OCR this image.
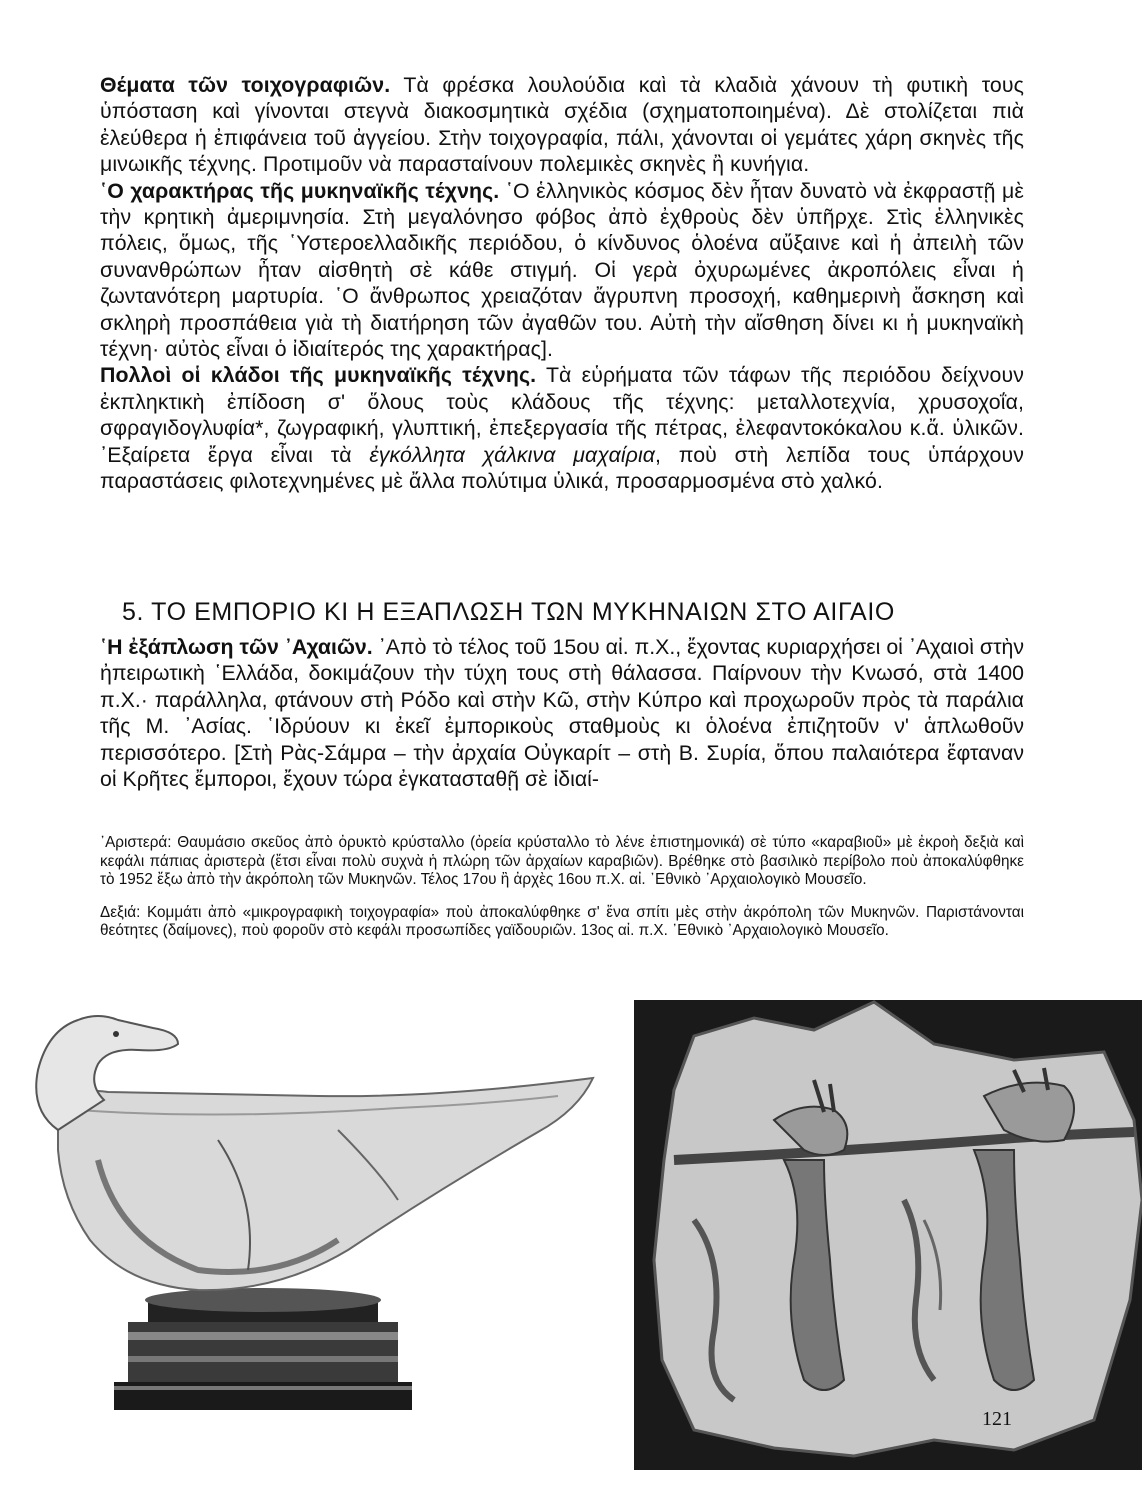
Θέματα τῶν τοιχογραφιῶν. Τὰ φρέσκα λουλούδια καὶ τὰ κλαδιὰ χάνουν τὴ φυτικὴ τους ὑπόσταση καὶ γίνονται στεγνὰ διακοσμητικὰ σχέδια (σχηματοποιημένα). Δὲ στολίζεται πιὰ ἐλεύθερα ἡ ἐπιφάνεια τοῦ ἀγγείου. Στὴν τοιχογραφία, πάλι, χάνονται οἱ γεμάτες χάρη σκηνὲς τῆς μινωικῆς τέχνης. Προτιμοῦν νὰ παρασταίνουν πολεμικὲς σκηνὲς ἢ κυνήγια.

῾Ο χαρακτήρας τῆς μυκηναϊκῆς τέχνης. ῾Ο ἑλληνικὸς κόσμος δὲν ἦταν δυνατὸ νὰ ἐκφραστῇ μὲ τὴν κρητικὴ ἀμεριμνησία. Στὴ μεγαλόνησο φόβος ἀπὸ ἐχθροὺς δὲν ὑπῆρχε. Στὶς ἑλληνικὲς πόλεις, ὅμως, τῆς ῾Υστεροελλαδικῆς περιόδου, ὁ κίνδυνος ὁλοένα αὔξαινε καὶ ἡ ἀπειλὴ τῶν συνανθρώπων ἦταν αἰσθητὴ σὲ κάθε στιγμή. Οἱ γερὰ ὀχυρωμένες ἀκροπόλεις εἶναι ἡ ζωντανότερη μαρτυρία. ῾Ο ἄνθρωπος χρειαζόταν ἄγρυπνη προσοχή, καθημερινὴ ἄσκηση καὶ σκληρὴ προσπάθεια γιὰ τὴ διατήρηση τῶν ἀγαθῶν του. Αὐτὴ τὴν αἴσθηση δίνει κι ἡ μυκηναϊκὴ τέχνη· αὐτὸς εἶναι ὁ ἰδιαίτερός της χαρακτήρας].

Πολλοὶ οἱ κλάδοι τῆς μυκηναϊκῆς τέχνης. Τὰ εὑρήματα τῶν τάφων τῆς περιόδου δείχνουν ἐκπληκτικὴ ἐπίδοση σ' ὅλους τοὺς κλάδους τῆς τέχνης: μεταλλοτεχνία, χρυσοχοΐα, σφραγιδογλυφία*, ζωγραφική, γλυπτική, ἐπεξεργασία τῆς πέτρας, ἐλεφαντοκόκαλου κ.ἄ. ὑλικῶν. ᾿Εξαίρετα ἔργα εἶναι τὰ ἐγκόλλητα χάλκινα μαχαίρια, ποὺ στὴ λεπίδα τους ὑπάρχουν παραστάσεις φιλοτεχνημένες μὲ ἄλλα πολύτιμα ὑλικά, προσαρμοσμένα στὸ χαλκό.

5. ΤΟ ΕΜΠΟΡΙΟ ΚΙ Η ΕΞΑΠΛΩΣΗ ΤΩΝ ΜΥΚΗΝΑΙΩΝ ΣΤΟ ΑΙΓΑΙΟ

῾Η ἐξάπλωση τῶν ᾿Αχαιῶν. ᾿Απὸ τὸ τέλος τοῦ 15ου αἰ. π.Χ., ἔχοντας κυριαρχήσει οἱ ᾿Αχαιοὶ στὴν ἠπειρωτικὴ ῾Ελλάδα, δοκιμάζουν τὴν τύχη τους στὴ θάλασσα. Παίρνουν τὴν Κνωσό, στὰ 1400 π.Χ.· παράλληλα, φτάνουν στὴ Ρόδο καὶ στὴν Κῶ, στὴν Κύπρο καὶ προχωροῦν πρὸς τὰ παράλια τῆς Μ. ᾿Ασίας. ῾Ιδρύουν κι ἐκεῖ ἐμπορικοὺς σταθμοὺς κι ὁλοένα ἐπιζητοῦν ν' ἁπλωθοῦν περισσότερο. [Στὴ Ρὰς-Σάμρα – τὴν ἀρχαία Οὐγκαρίτ – στὴ Β. Συρία, ὅπου παλαιότερα ἔφταναν οἱ Κρῆτες ἔμποροι, ἔχουν τώρα ἐγκατασταθῇ σὲ ἰδιαί-

᾿Αριστερά: Θαυμάσιο σκεῦος ἀπὸ ὀρυκτὸ κρύσταλλο (ὀρεία κρύσταλλο τὸ λένε ἐπιστημονικά) σὲ τύπο «καραβιοῦ» μὲ ἐκροὴ δεξιὰ καὶ κεφάλι πάπιας ἀριστερὰ (ἔτσι εἶναι πολὺ συχνὰ ἡ πλώρη τῶν ἀρχαίων καραβιῶν). Βρέθηκε στὸ βασιλικὸ περίβολο ποὺ ἀποκαλύφθηκε τὸ 1952 ἔξω ἀπὸ τὴν ἀκρόπολη τῶν Μυκηνῶν. Τέλος 17ου ἢ ἀρχὲς 16ου π.Χ. αἰ. ᾿Εθνικὸ ᾿Αρχαιολογικὸ Μουσεῖο.

Δεξιά: Κομμάτι ἀπὸ «μικρογραφικὴ τοιχογραφία» ποὺ ἀποκαλύφθηκε σ' ἕνα σπίτι μὲς στὴν ἀκρόπολη τῶν Μυκηνῶν. Παριστάνονται θεότητες (δαίμονες), ποὺ φοροῦν στὸ κεφάλι προσωπίδες γαϊδουριῶν. 13ος αἰ. π.Χ. ᾿Εθνικὸ ᾿Αρχαιολογικὸ Μουσεῖο.

121
